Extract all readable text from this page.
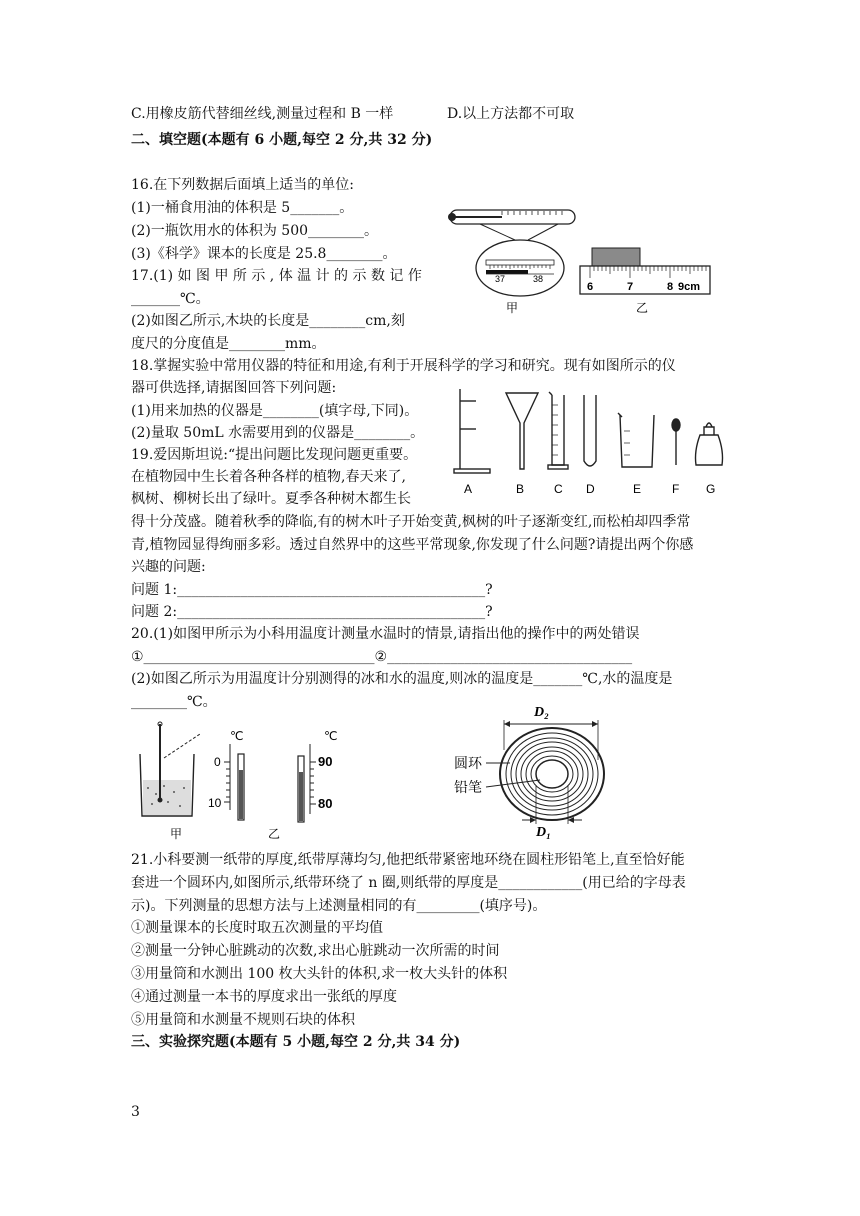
C.用橡皮筋代替细丝线,测量过程和 B 一样	D.以上方法都不可取
二、填空题(本题有 6 小题,每空 2 分,共 32 分)
16.在下列数据后面填上适当的单位:
(1)一桶食用油的体积是 5_______。
(2)一瓶饮用水的体积为 500________。
(3)《科学》课本的长度是 25.8________。
17.(1) 如 图 甲 所 示 , 体 温 计 的 示 数 记 作
_______℃。
(2)如图乙所示,木块的长度是________cm,刻
度尺的分度值是________mm。
18.掌握实验中常用仪器的特征和用途,有利于开展科学的学习和研究。现有如图所示的仪
器可供选择,请据图回答下列问题:
(1)用来加热的仪器是________(填字母,下同)。
(2)量取 50mL 水需要用到的仪器是________。
19.爱因斯坦说:“提出问题比发现问题更重要。
在植物园中生长着各种各样的植物,春天来了,
枫树、柳树长出了绿叶。夏季各种树木都生长
得十分茂盛。随着秋季的降临,有的树木叶子开始变黄,枫树的叶子逐渐变红,而松柏却四季常
青,植物园显得绚丽多彩。透过自然界中的这些平常现象,你发现了什么问题?请提出两个你感
兴趣的问题:
问题 1:____________________________________________?
问题 2:____________________________________________?
20.(1)如图甲所示为小科用温度计测量水温时的情景,请指出他的操作中的两处错误
①_________________________________②___________________________________
(2)如图乙所示为用温度计分别测得的冰和水的温度,则冰的温度是_______℃,水的温度是
________℃。
21.小科要测一纸带的厚度,纸带厚薄均匀,他把纸带紧密地环绕在圆柱形铅笔上,直至恰好能
套进一个圆环内,如图所示,纸带环绕了 n 圈,则纸带的厚度是____________(用已给的字母表
示)。下列测量的思想方法与上述测量相同的有_________(填序号)。
①测量课本的长度时取五次测量的平均值
②测量一分钟心脏跳动的次数,求出心脏跳动一次所需的时间
③用量筒和水测出 100 枚大头针的体积,求一枚大头针的体积
④通过测量一本书的厚度求出一张纸的厚度
⑤用量筒和水测量不规则石块的体积
三、实验探究题(本题有 5 小题,每空 2 分,共 34 分)
37	38
甲
6	7	8 9cm
乙
A	B C D	E	F G
甲
℃
0
10
℃
90
80
乙
D₂
D₁
圆环
铅笔
3
